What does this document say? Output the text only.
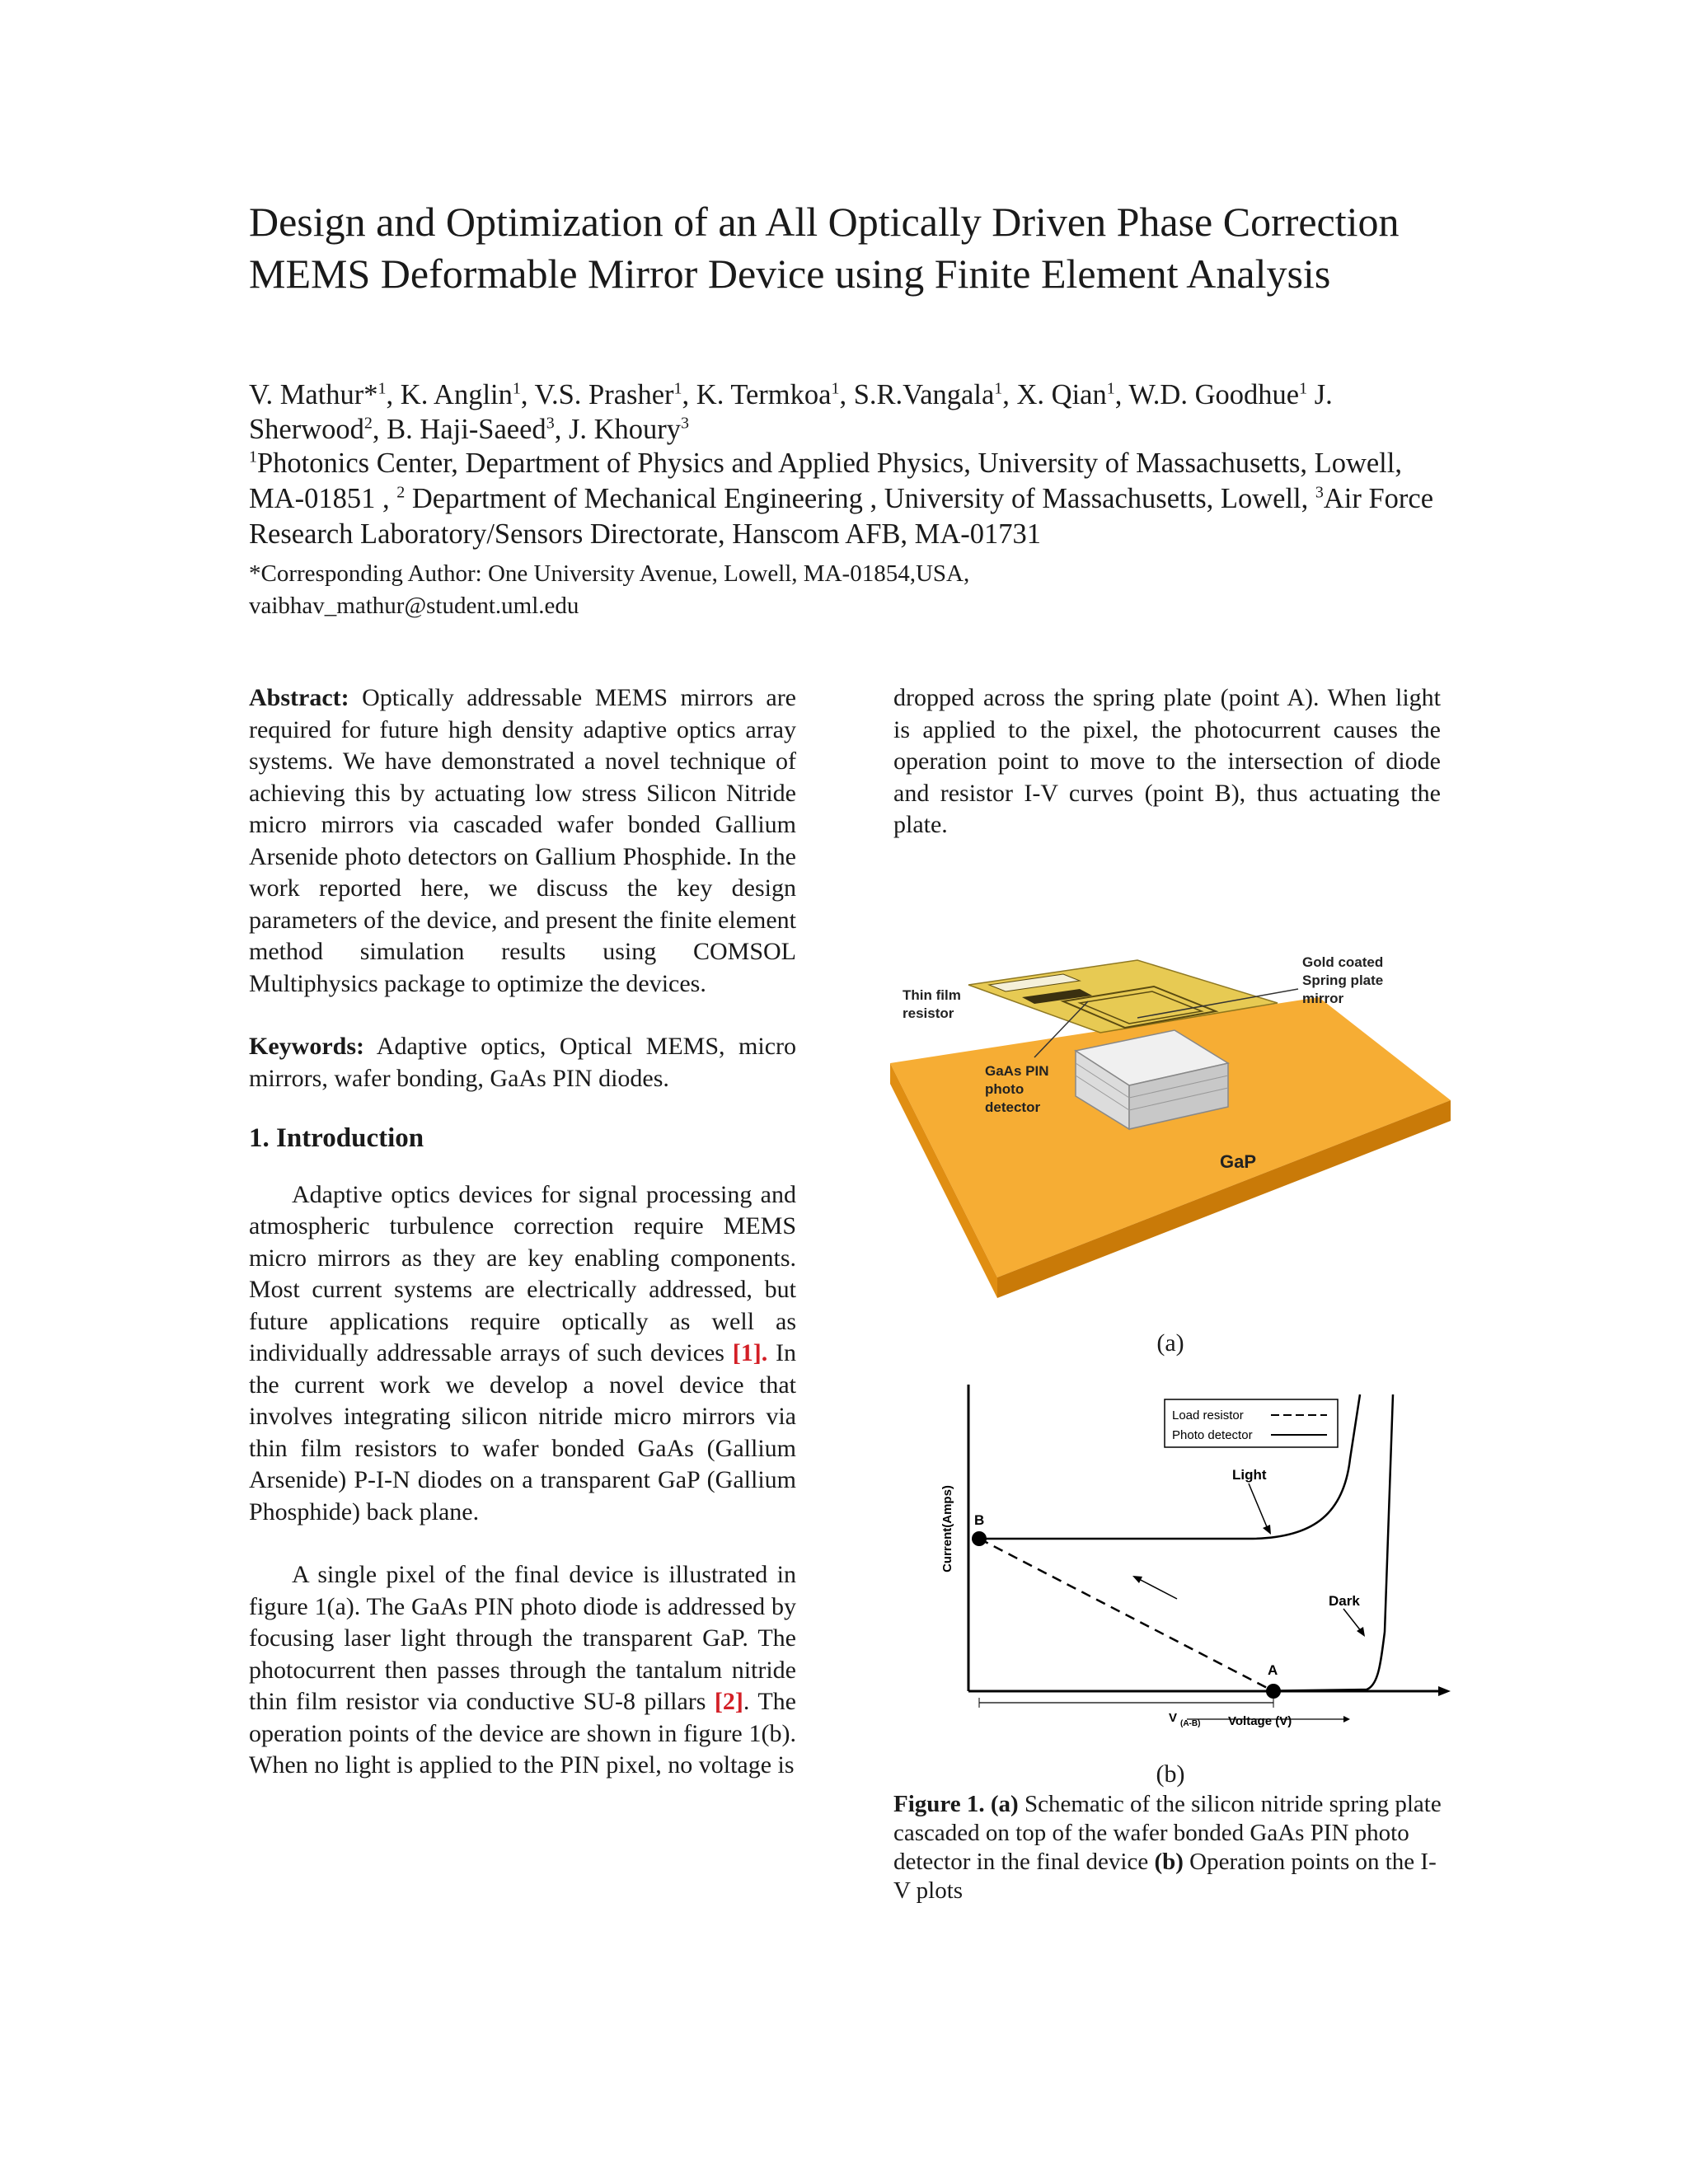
Design and Optimization of an All Optically Driven Phase Correction MEMS Deformable Mirror Device using Finite Element Analysis
V. Mathur*$^1$, K. Anglin$^1$, V.S. Prasher$^1$, K. Termkoa$^1$, S.R.Vangala$^1$, X. Qian$^1$, W.D. Goodhue$^1$ J. Sherwood$^2$, B. Haji-Saeed$^3$, J. Khoury$^3$
$^1$Photonics Center, Department of Physics and Applied Physics, University of Massachusetts, Lowell, MA-01851 , $^2$ Department of Mechanical Engineering , University of Massachusetts, Lowell, $^3$Air Force Research Laboratory/Sensors Directorate, Hanscom AFB, MA-01731
*Corresponding Author: One University Avenue, Lowell, MA-01854,USA,
vaibhav_mathur@student.uml.edu

Abstract: Optically addressable MEMS mirrors are required for future high density adaptive optics array systems. We have demonstrated a novel technique of achieving this by actuating low stress Silicon Nitride micro mirrors via cascaded wafer bonded Gallium Arsenide photo detectors on Gallium Phosphide. In the work reported here, we discuss the key design parameters of the device, and present the finite element method simulation results using COMSOL Multiphysics package to optimize the devices.

Keywords: Adaptive optics, Optical MEMS, micro mirrors, wafer bonding, GaAs PIN diodes.

1. Introduction

Adaptive optics devices for signal processing and atmospheric turbulence correction require MEMS micro mirrors as they are key enabling components. Most current systems are electrically addressed, but future applications require optically as well as individually addressable arrays of such devices [1]. In the current work we develop a novel device that involves integrating silicon nitride micro mirrors via thin film resistors to wafer bonded GaAs (Gallium Arsenide) P-I-N diodes on a transparent GaP (Gallium Phosphide) back plane.

A single pixel of the final device is illustrated in figure 1(a). The GaAs PIN photo diode is addressed by focusing laser light through the transparent GaP. The photocurrent then passes through the tantalum nitride thin film resistor via conductive SU-8 pillars [2]. The operation points of the device are shown in figure 1(b). When no light is applied to the PIN pixel, no voltage is

dropped across the spring plate (point A). When light is applied to the pixel, the photocurrent causes the operation point to move to the intersection of diode and resistor I-V curves (point B), thus actuating the plate.

Thin film
resistor
Gold coated
Spring plate
mirror
GaAs PIN
photo
detector
GaP
(a)
Load resistor
Photo detector
Current(Amps)
Voltage (V)
V (A-B)
Light
Dark
A
B
(b)
Figure 1. (a) Schematic of the silicon nitride spring plate cascaded on top of the wafer bonded GaAs PIN photo detector in the final device (b) Operation points on the I-V plots
